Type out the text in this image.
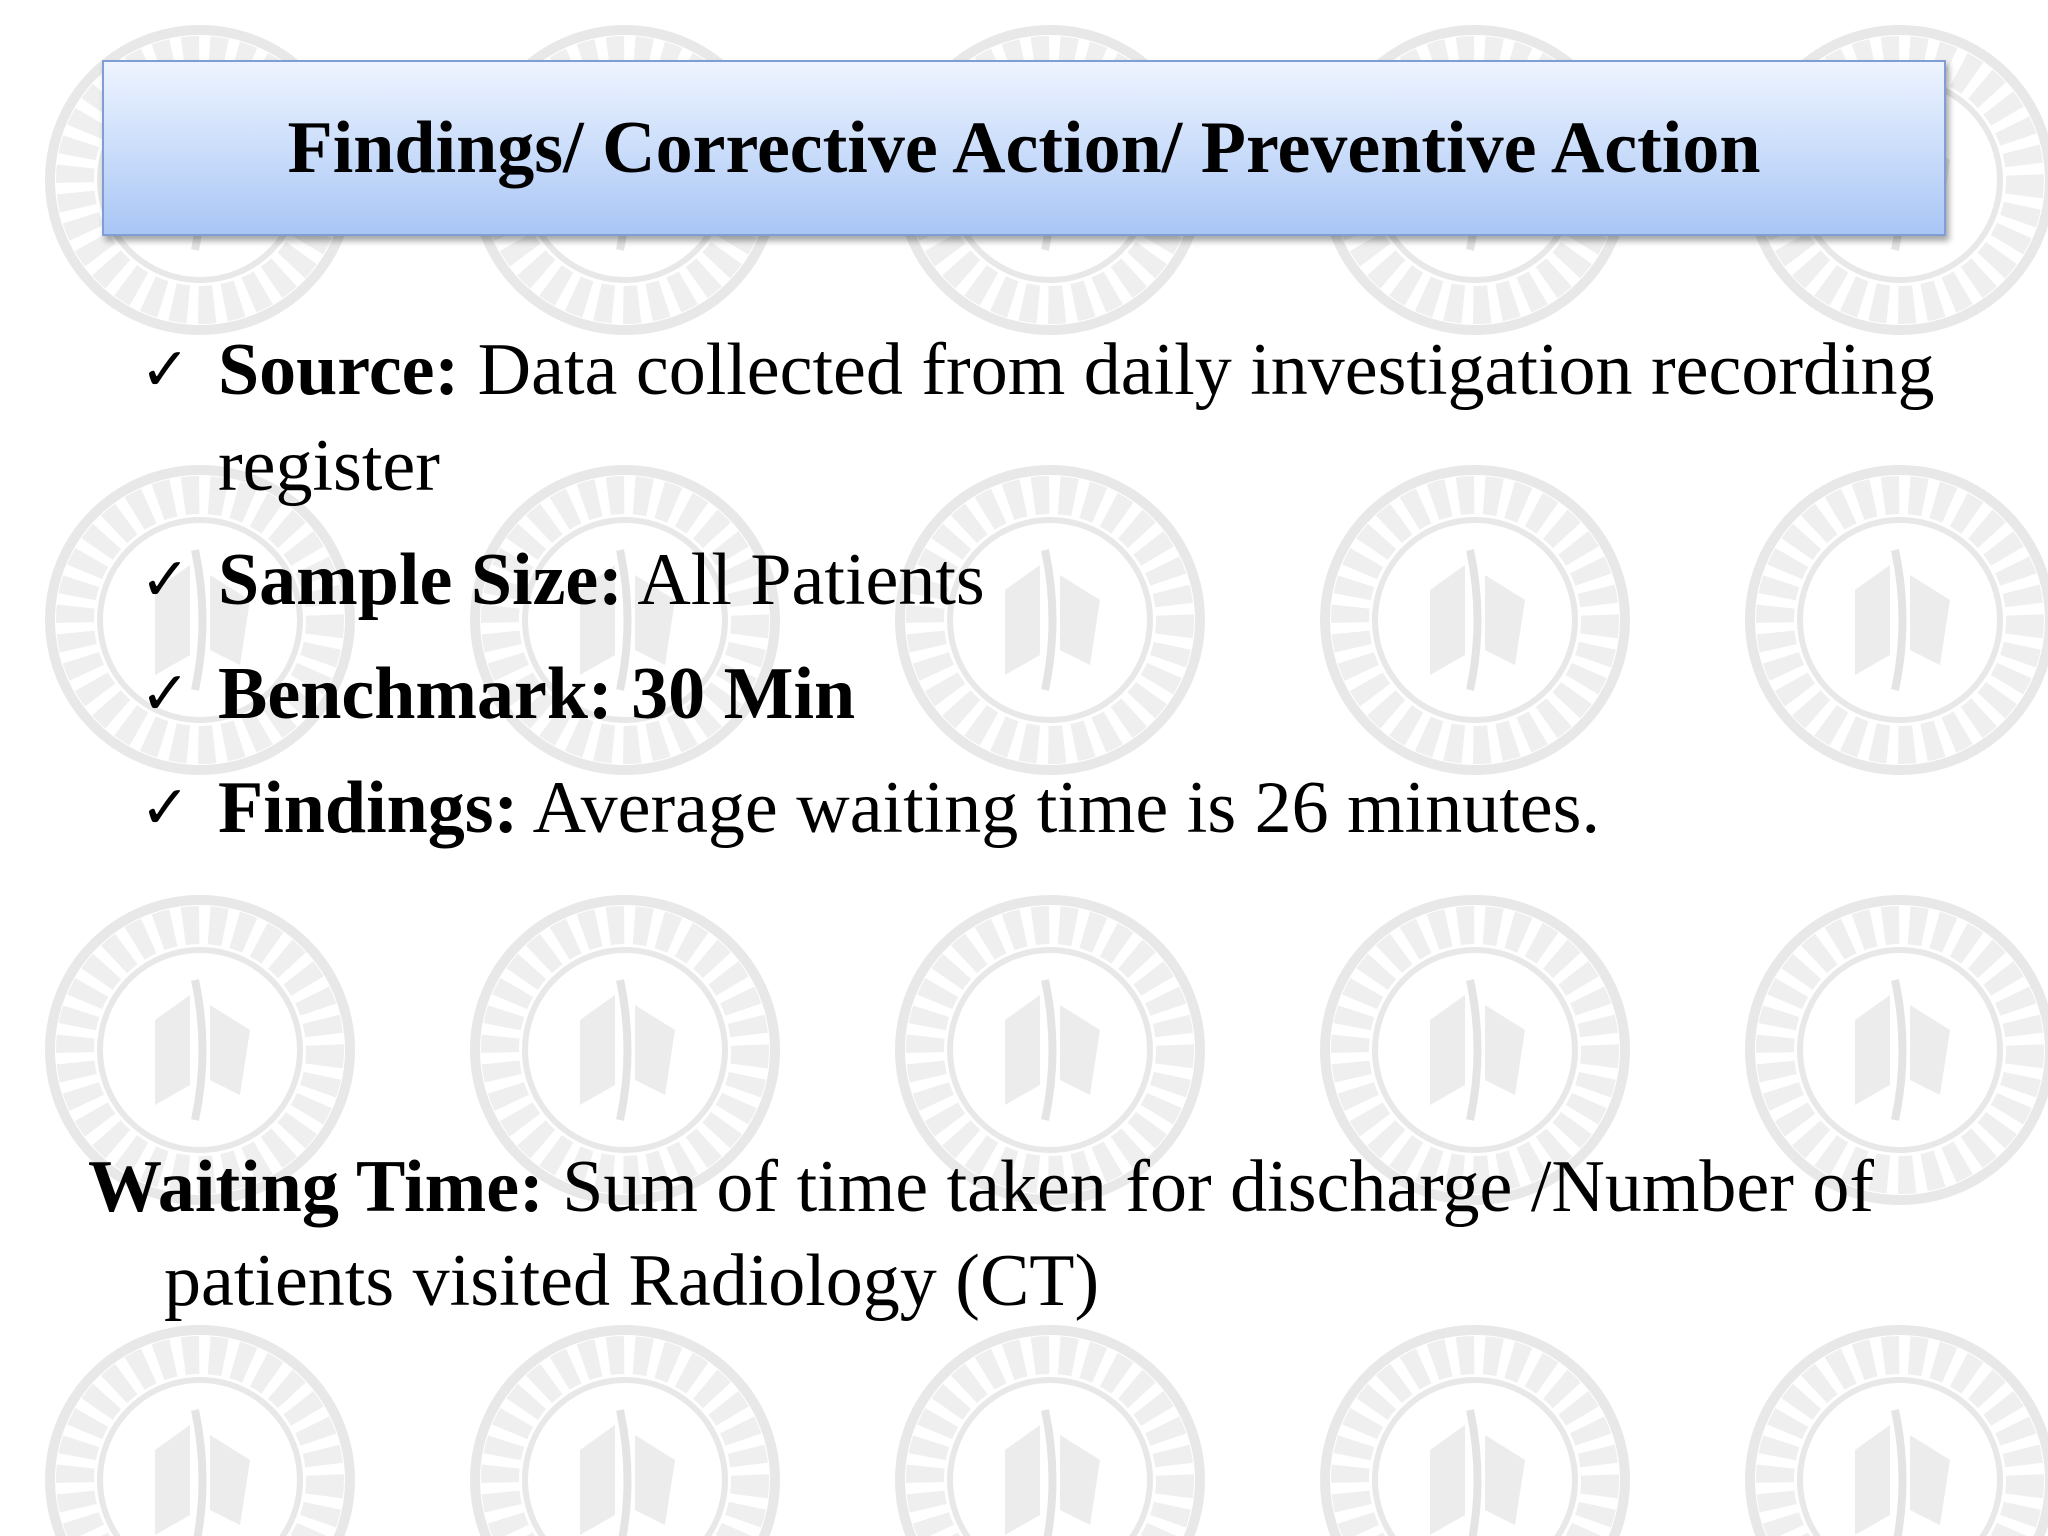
Findings/ Corrective Action/ Preventive Action
✓ Source: Data collected from daily investigation recording register
✓ Sample Size: All Patients
✓ Benchmark: 30 Min
✓ Findings: Average waiting time is 26 minutes.
Waiting Time: Sum of time taken for discharge /Number of patients visited Radiology (CT)
